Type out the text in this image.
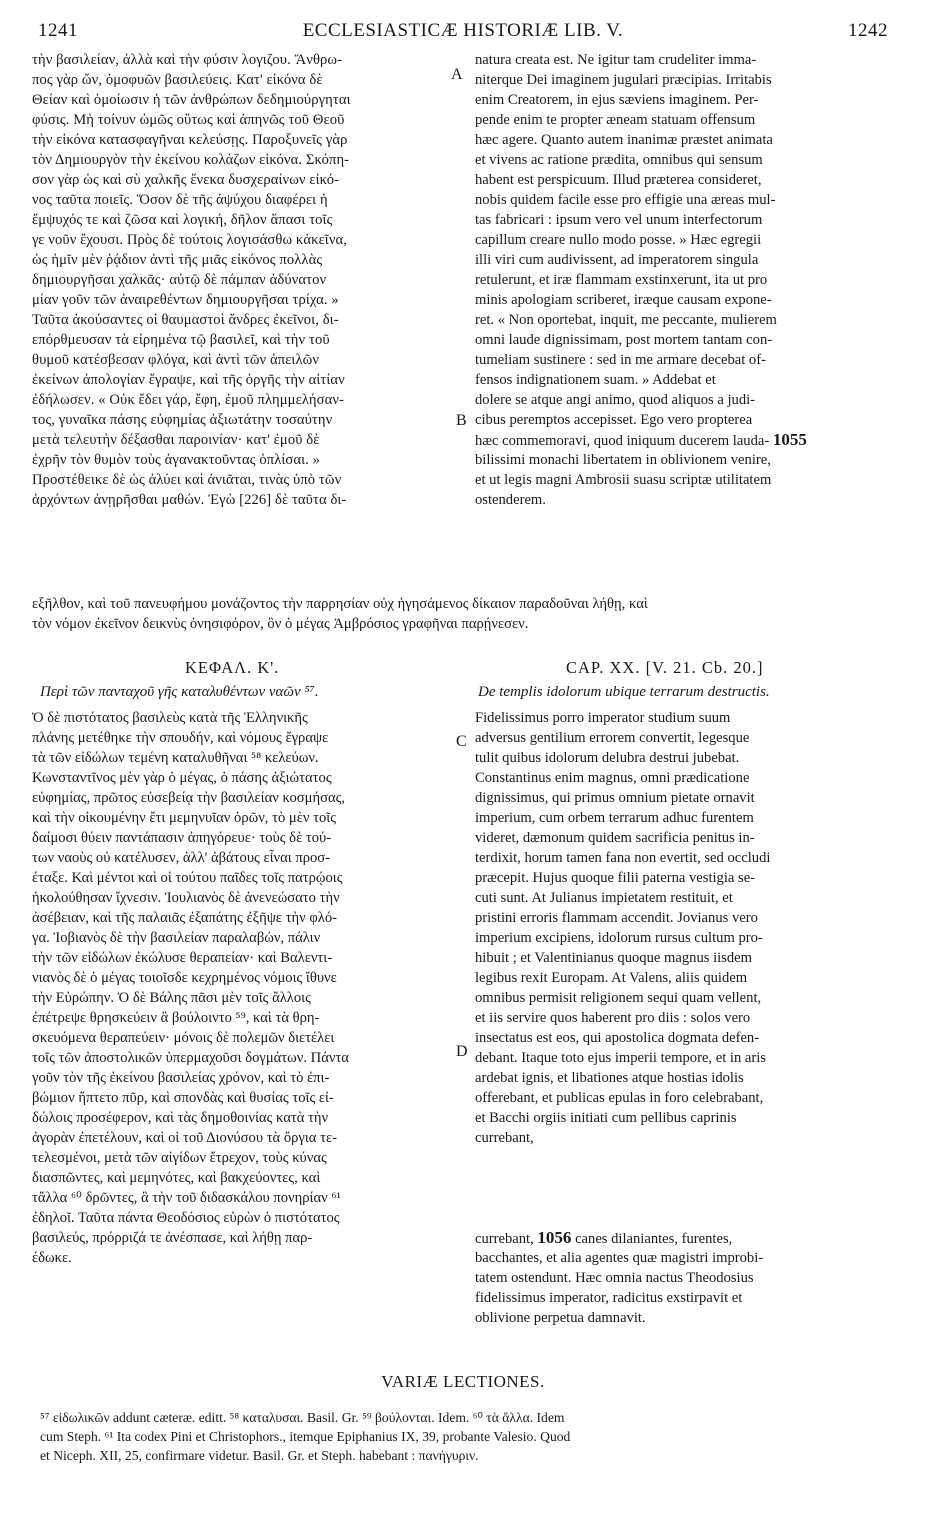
1241	ECCLESIASTICÆ HISTORIÆ LIB. V.	1242
τὴν βασιλείαν, ἀλλὰ καὶ τὴν φύσιν λογιζου. Ἄνθρω-
πος γὰρ ὤν, ὁμοφυῶν βασιλεύεις. Κατ' εἰκόνα δὲ
Θείαν καὶ ὁμοίωσιν ἡ τῶν ἀνθρώπων δεδημιούργηται
φύσις. Μὴ τοίνυν ὠμῶς οὕτως καὶ ἀπηνῶς τοῦ Θεοῦ
τὴν εἰκόνα κατασφαγῆναι κελεύσῃς. Παροξυνεῖς γὰρ
τὸν Δημιουργὸν τὴν ἐκείνου κολάζων εἰκόνα. Σκόπη-
σον γὰρ ὡς καὶ σὺ χαλκῆς ἕνεκα δυσχεραίνων εἰκό-
νος ταῦτα ποιεῖς. Ὅσον δὲ τῆς ἀψύχου διαφέρει ἡ
ἔμψυχός τε καὶ ζῶσα καὶ λογική, δῆλον ἅπασι τοῖς
γε νοῦν ἔχουσι. Πρὸς δὲ τούτοις λογισάσθω κἀκεῖνα,
ὡς ἡμῖν μὲν ῥᾴδιον ἀντὶ τῆς μιᾶς εἰκόνος πολλὰς
δημιουργῆσαι χαλκᾶς· αὐτῷ δὲ πάμπαν ἀδύνατον
μίαν γοῦν τῶν ἀναιρεθέντων δημιουργῆσαι τρίχα. »
Ταῦτα ἀκούσαντες οἱ θαυμαστοὶ ἄνδρες ἐκεῖνοι, δι-
επόρθμευσαν τὰ εἰρημένα τῷ βασιλεῖ, καὶ τὴν τοῦ
θυμοῦ κατέσβεσαν φλόγα, καὶ ἀντὶ τῶν ἀπειλῶν
ἐκείνων ἀπολογίαν ἔγραψε, καὶ τῆς ὀργῆς τὴν αἰτίαν
ἐδήλωσεν. « Οὐκ ἔδει γάρ, ἔφη, ἐμοῦ πλημμελήσαν-
τος, γυναῖκα πάσης εὐφημίας ἀξιωτάτην τοσαύτην
μετὰ τελευτὴν δέξασθαι παροινίαν· κατ' ἐμοῦ δὲ
ἐχρῆν τὸν θυμὸν τοὺς ἀγανακτοῦντας ὁπλίσαι. »
Προστέθεικε δὲ ὡς ἀλύει καὶ ἀνιᾶται, τινὰς ὑπὸ τῶν
ἀρχόντων ἀνῃρῆσθαι μαθών. Ἐγὼ [226] δὲ ταῦτα δι-
natura creata est. Ne igitur tam crudeliter imma-
niterque Dei imaginem jugulari præcipias. Irritabis
enim Creatorem, in ejus sæviens imaginem. Per-
pende enim te propter æneam statuam offensum
hæc agere. Quanto autem inanimæ præstet animata
et vivens ac ratione prædita, omnibus qui sensum
habent est perspicuum. Illud præterea consideret,
nobis quidem facile esse pro effigie una æreas mul-
tas fabricari : ipsum vero vel unum interfectorum
capillum creare nullo modo posse. » Hæc egregii
illi viri cum audivissent, ad imperatorem singula
retulerunt, et iræ flammam exstinxerunt, ita ut pro
minis apologiam scriberet, iræque causam expone-
ret. « Non oportebat, inquit, me peccante, mulierem
omni laude dignissimam, post mortem tantam con-
tumeliam sustinere : sed in me armare decebat of-
fensos indignationem suam. » Addebat et
dolere se atque angi animo, quod aliquos a judi-
cibus peremptos accepisset. Ego vero propterea
hæc commemoravi, quod iniquum ducerem lauda- 1055
bilissimi monachi libertatem in oblivionem venire,
et ut legis magni Ambrosii suasu scriptæ utilitatem
ostenderem.
A
B
C
D
εξῆλθον, καὶ τοῦ πανευφήμου μονάζοντος τὴν παρρησίαν οὐχ ἡγησάμενος δίκαιον παραδοῦναι λήθῃ, καὶ
τὸν νόμον ἐκεῖνον δεικνὺς ὀνησιφόρον, ὃν ὁ μέγας Ἀμβρόσιος γραφῆναι παρῄνεσεν.
ΚΕΦΑΛ. Κ'.	CAP. XX. [V. 21. Cb. 20.]
Περὶ τῶν πανταχοῦ γῆς καταλυθέντων ναῶν ⁵⁷.	De templis idolorum ubique terrarum destructis.
Ὁ δὲ πιστότατος βασιλεὺς κατὰ τῆς Ἑλληνικῆς
πλάνης μετέθηκε τὴν σπουδήν, καὶ νόμους ἔγραψε
τὰ τῶν εἰδώλων τεμένη καταλυθῆναι ⁵⁸ κελεύων.
Κωνσταντῖνος μὲν γὰρ ὁ μέγας, ὁ πάσης ἀξιώτατος
εὐφημίας, πρῶτος εὐσεβείᾳ τὴν βασιλείαν κοσμήσας,
καὶ τὴν οἰκουμένην ἔτι μεμηνυῖαν ὁρῶν, τὸ μὲν τοῖς
δαίμοσι θύειν παντάπασιν ἀπηγόρευε· τοὺς δὲ τού-
των ναοὺς οὐ κατέλυσεν, ἀλλ' ἀβάτους εἶναι προσ-
έταξε. Καὶ μέντοι καὶ οἱ τούτου παῖδες τοῖς πατρῴοις
ἠκολούθησαν ἴχνεσιν. Ἰουλιανὸς δὲ ἀνενεώσατο τὴν
ἀσέβειαν, καὶ τῆς παλαιᾶς ἐξαπάτης ἐξῆψε τὴν φλό-
γα. Ἰοβιανὸς δὲ τὴν βασιλείαν παραλαβών, πάλιν
τὴν τῶν εἰδώλων ἐκώλυσε θεραπείαν· καὶ Βαλεντι-
νιανὸς δὲ ὁ μέγας τοιοῖσδε κεχρημένος νόμοις ἴθυνε
τὴν Εὐρώπην. Ὁ δὲ Βάλης πᾶσι μὲν τοῖς ἄλλοις
ἐπέτρεψε θρησκεύειν ἃ βούλοιντο ⁵⁹, καὶ τὰ θρη-
σκευόμενα θεραπεύειν· μόνοις δὲ πολεμῶν διετέλει
τοῖς τῶν ἀποστολικῶν ὑπερμαχοῦσι δογμάτων. Πάντα
γοῦν τὸν τῆς ἐκείνου βασιλείας χρόνον, καὶ τὸ ἐπι-
βώμιον ἥπτετο πῦρ, καὶ σπονδὰς καὶ θυσίας τοῖς εἰ-
δώλοις προσέφερον, καὶ τὰς δημοθοινίας κατὰ τὴν
ἀγορὰν ἐπετέλουν, καὶ οἱ τοῦ Διονύσου τὰ ὄργια τε-
τελεσμένοι, μετὰ τῶν αἰγίδων ἔτρεχον, τοὺς κύνας
διασπῶντες, καὶ μεμηνότες, καὶ βακχεύοντες, καὶ
τἄλλα ⁶⁰ δρῶντες, ἃ τὴν τοῦ διδασκάλου πονηρίαν ⁶¹
ἐδηλοῖ. Ταῦτα πάντα Θεοδόσιος εὑρὼν ὁ πιστότατος
βασιλεύς, πρόρριζά τε ἀνέσπασε, καὶ λήθῃ παρ-
έδωκε.
Fidelissimus porro imperator studium suum
adversus gentilium errorem convertit, legesque
tulit quibus idolorum delubra destrui jubebat.
Constantinus enim magnus, omni prædicatione
dignissimus, qui primus omnium pietate ornavit
imperium, cum orbem terrarum adhuc furentem
videret, dæmonum quidem sacrificia penitus in-
terdixit, horum tamen fana non evertit, sed occludi
præcepit. Hujus quoque filii paterna vestigia se-
cuti sunt. At Julianus impietatem restituit, et
pristini erroris flammam accendit. Jovianus vero
imperium excipiens, idolorum rursus cultum pro-
hibuit ; et Valentinianus quoque magnus iisdem
legibus rexit Europam. At Valens, aliis quidem
omnibus permisit religionem sequi quam vellent,
et iis servire quos haberent pro diis : solos vero
insectatus est eos, qui apostolica dogmata defen-
debant. Itaque toto ejus imperii tempore, et in aris
ardebat ignis, et libationes atque hostias idolis
offerebant, et publicas epulas in foro celebrabant,
et Bacchi orgiis initiati cum pellibus caprinis
currebant,
currebant, 1056 canes dilaniantes, furentes,
bacchantes, et alia agentes quæ magistri improbi-
tatem ostendunt. Hæc omnia nactus Theodosius
fidelissimus imperator, radicitus exstirpavit et
oblivione perpetua damnavit.
VARIÆ LECTIONES.
⁵⁷ εἰδωλικῶν addunt cæteræ. editt. ⁵⁸ καταλυσαι. Basil. Gr. ⁵⁹ βούλονται. Idem. ⁶⁰ τὰ ἄλλα. Idem
cum Steph. ⁶¹ Ita codex Pini et Christophors., itemque Epiphanius IX, 39, probante Valesio. Quod
et Niceph. XII, 25, confirmare videtur. Basil. Gr. et Steph. habebant : πανήγυριν.
